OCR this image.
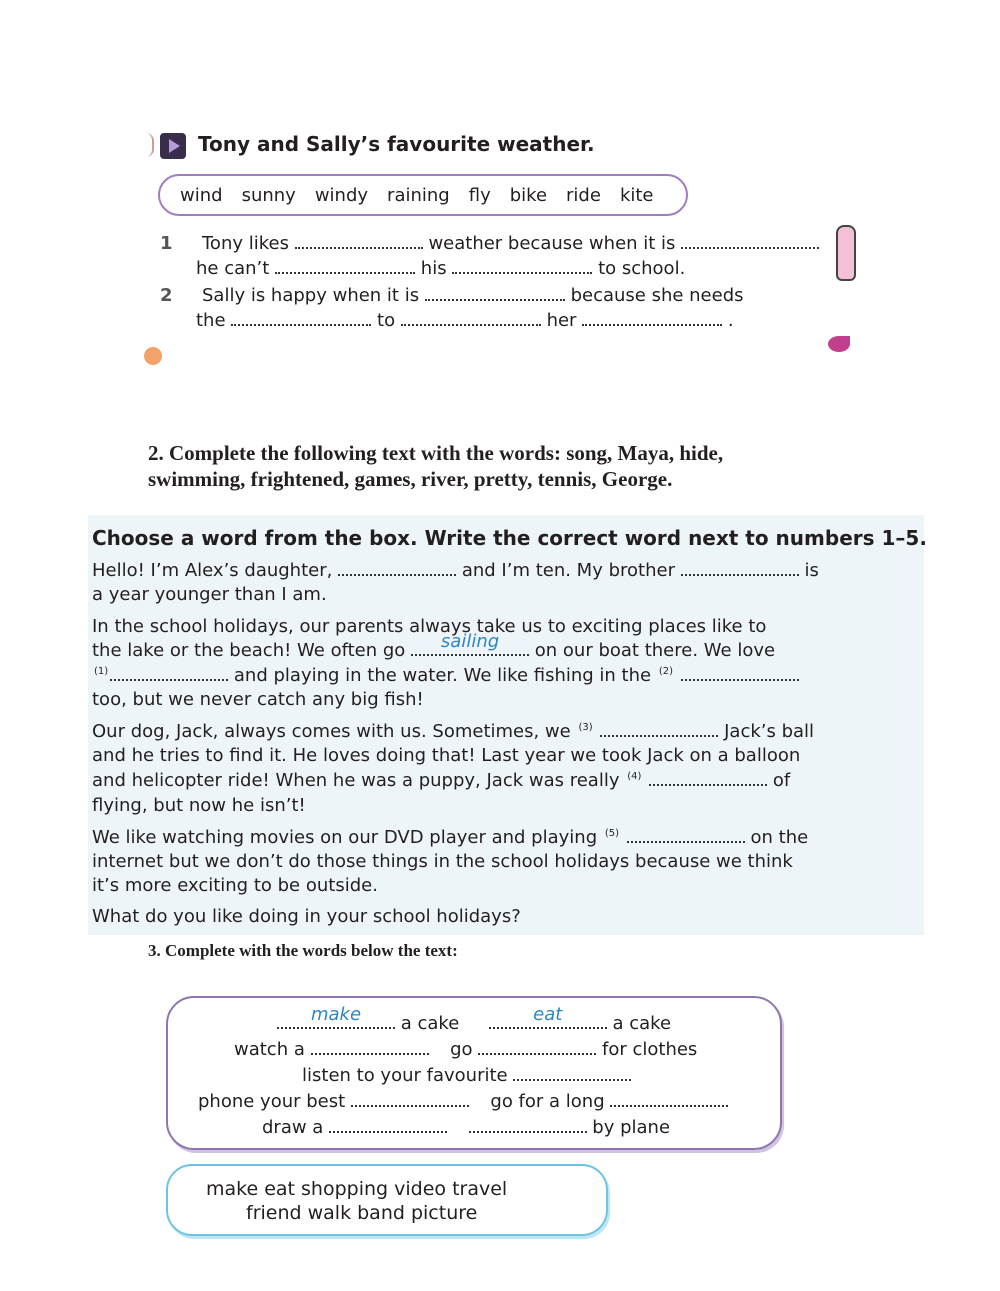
Tony and Sally’s favourite weather.
wind sunny windy raining fly bike ride kite
1 Tony likes	weather because when it is
he can’t	his	to school.
2 Sally is happy when it is	because she needs
the	to	her	.
2. Complete the following text with the words: song, Maya, hide,
swimming, frightened, games, river, pretty, tennis, George.
Choose a word from the box. Write the correct word next to numbers 1–5.
Hello! I’m Alex’s daughter,	and I’m ten. My brother	is
a year younger than I am.
In the school holidays, our parents always take us to exciting places like to
the lake or the beach! We often go	sailing	on our boat there. We love
$^{(1)}$	and playing in the water. We like fishing in the $^{(2)}$
too, but we never catch any big fish!
Our dog, Jack, always comes with us. Sometimes, we $^{(3)}$	Jack’s ball
and he tries to find it. He loves doing that! Last year we took Jack on a balloon
and helicopter ride! When he was a puppy, Jack was really $^{(4)}$	of
flying, but now he isn’t!
We like watching movies on our DVD player and playing $^{(5)}$	on the
internet but we don’t do those things in the school holidays because we think
it’s more exciting to be outside.
What do you like doing in your school holidays?
3. Complete with the words below the text:
make	a cake	eat	a cake
watch a	go	for clothes
listen to your favourite
phone your best	go for a long
draw a	by plane
make eat shopping video travel
friend walk band picture
